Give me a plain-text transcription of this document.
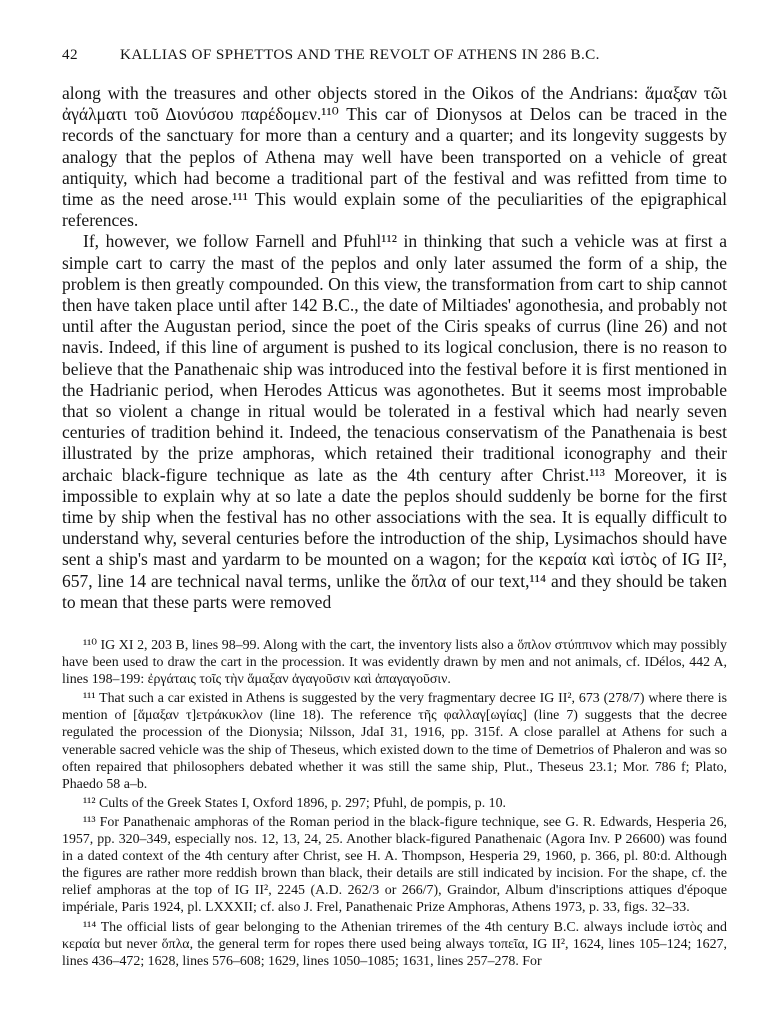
42	KALLIAS OF SPHETTOS AND THE REVOLT OF ATHENS IN 286 B.C.

along with the treasures and other objects stored in the Oikos of the Andrians: ἅμαξαν τῶι ἀγάλματι τοῦ Διονύσου παρέδομεν.¹¹⁰ This car of Dionysos at Delos can be traced in the records of the sanctuary for more than a century and a quarter; and its longevity suggests by analogy that the peplos of Athena may well have been transported on a vehicle of great antiquity, which had become a traditional part of the festival and was refitted from time to time as the need arose.¹¹¹ This would explain some of the peculiarities of the epigraphical references.

If, however, we follow Farnell and Pfuhl¹¹² in thinking that such a vehicle was at first a simple cart to carry the mast of the peplos and only later assumed the form of a ship, the problem is then greatly compounded. On this view, the transformation from cart to ship cannot then have taken place until after 142 B.C., the date of Miltiades' agonothesia, and probably not until after the Augustan period, since the poet of the Ciris speaks of currus (line 26) and not navis. Indeed, if this line of argument is pushed to its logical conclusion, there is no reason to believe that the Panathenaic ship was introduced into the festival before it is first mentioned in the Hadrianic period, when Herodes Atticus was agonothetes. But it seems most improbable that so violent a change in ritual would be tolerated in a festival which had nearly seven centuries of tradition behind it. Indeed, the tenacious conservatism of the Panathenaia is best illustrated by the prize amphoras, which retained their traditional iconography and their archaic black-figure technique as late as the 4th century after Christ.¹¹³ Moreover, it is impossible to explain why at so late a date the peplos should suddenly be borne for the first time by ship when the festival has no other associations with the sea. It is equally difficult to understand why, several centuries before the introduction of the ship, Lysimachos should have sent a ship's mast and yardarm to be mounted on a wagon; for the κεραία καὶ ἱστὸς of IG II², 657, line 14 are technical naval terms, unlike the ὅπλα of our text,¹¹⁴ and they should be taken to mean that these parts were removed

¹¹⁰ IG XI 2, 203 B, lines 98–99. Along with the cart, the inventory lists also a ὅπλον στύππινον which may possibly have been used to draw the cart in the procession. It was evidently drawn by men and not animals, cf. IDélos, 442 A, lines 198–199: ἐργάταις τοῖς τὴν ἅμαξαν ἀγαγοῦσιν καὶ ἀπαγαγοῦσιν.

¹¹¹ That such a car existed in Athens is suggested by the very fragmentary decree IG II², 673 (278/7) where there is mention of [ἅμαξαν τ]ετράκυκλον (line 18). The reference τῆς φαλλαγ[ωγίας] (line 7) suggests that the decree regulated the procession of the Dionysia; Nilsson, JdaI 31, 1916, pp. 315f. A close parallel at Athens for such a venerable sacred vehicle was the ship of Theseus, which existed down to the time of Demetrios of Phaleron and was so often repaired that philosophers debated whether it was still the same ship, Plut., Theseus 23.1; Mor. 786 f; Plato, Phaedo 58 a–b.

¹¹² Cults of the Greek States I, Oxford 1896, p. 297; Pfuhl, de pompis, p. 10.

¹¹³ For Panathenaic amphoras of the Roman period in the black-figure technique, see G. R. Edwards, Hesperia 26, 1957, pp. 320–349, especially nos. 12, 13, 24, 25. Another black-figured Panathenaic (Agora Inv. P 26600) was found in a dated context of the 4th century after Christ, see H. A. Thompson, Hesperia 29, 1960, p. 366, pl. 80:d. Although the figures are rather more reddish brown than black, their details are still indicated by incision. For the shape, cf. the relief amphoras at the top of IG II², 2245 (A.D. 262/3 or 266/7), Graindor, Album d'inscriptions attiques d'époque impériale, Paris 1924, pl. LXXXII; cf. also J. Frel, Panathenaic Prize Amphoras, Athens 1973, p. 33, figs. 32–33.

¹¹⁴ The official lists of gear belonging to the Athenian triremes of the 4th century B.C. always include ἱστὸς and κεραία but never ὅπλα, the general term for ropes there used being always τοπεῖα, IG II², 1624, lines 105–124; 1627, lines 436–472; 1628, lines 576–608; 1629, lines 1050–1085; 1631, lines 257–278. For
